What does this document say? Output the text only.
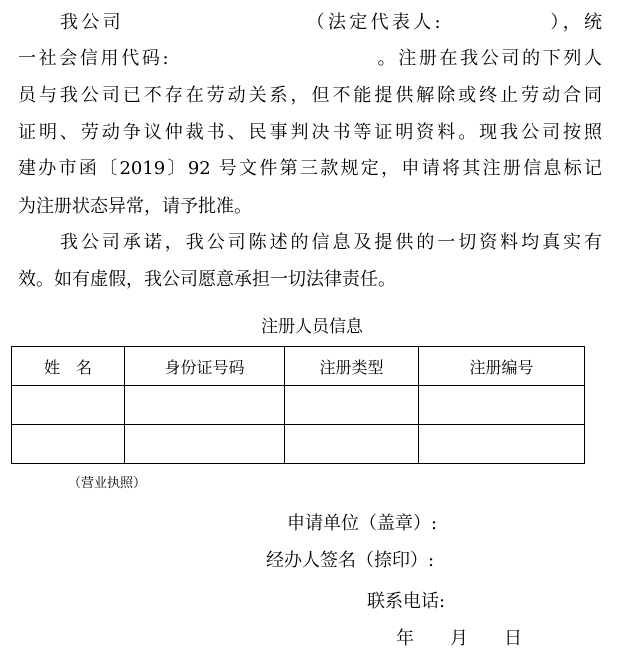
我公司　　　　　　　　　（法定代表人:　　　　　），统
一社会信用代码:　　　　　　　　　　。注册在我公司的下列人
员与我公司已不存在劳动关系，但不能提供解除或终止劳动合同
证明、劳动争议仲裁书、民事判决书等证明资料。现我公司按照
建办市函〔2019〕92 号文件第三款规定，申请将其注册信息标记
为注册状态异常，请予批准。
我公司承诺，我公司陈述的信息及提供的一切资料均真实有
效。如有虚假，我公司愿意承担一切法律责任。
注册人员信息
姓　名	身份证号码	注册类型	注册编号

（营业执照）
申请单位（盖章）:
经办人签名（捺印）:
联系电话:
年　　月　　日
